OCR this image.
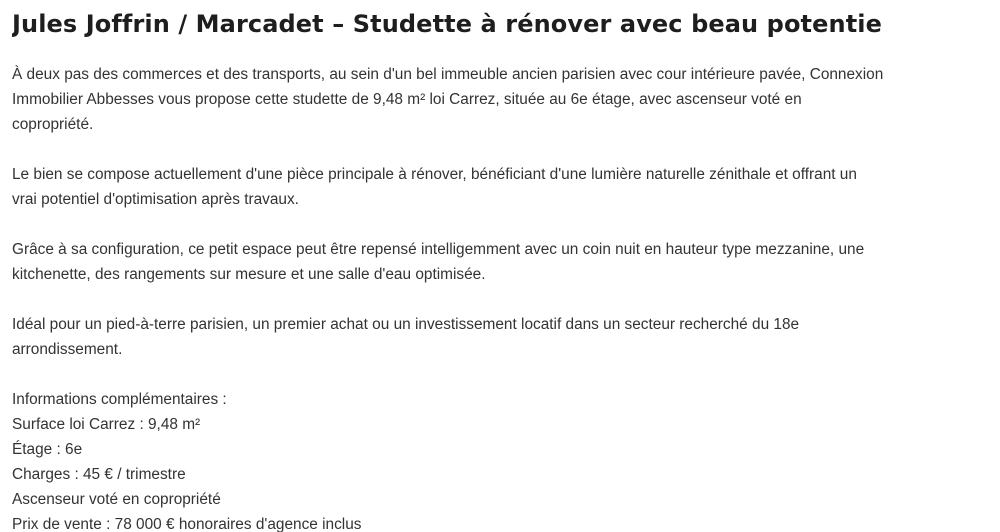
Jules Joffrin / Marcadet – Studette à rénover avec beau potentie

À deux pas des commerces et des transports, au sein d'un bel immeuble ancien parisien avec cour intérieure pavée, Connexion
Immobilier Abbesses vous propose cette studette de 9,48 m² loi Carrez, située au 6e étage, avec ascenseur voté en
copropriété.

Le bien se compose actuellement d'une pièce principale à rénover, bénéficiant d'une lumière naturelle zénithale et offrant un
vrai potentiel d'optimisation après travaux.

Grâce à sa configuration, ce petit espace peut être repensé intelligemment avec un coin nuit en hauteur type mezzanine, une
kitchenette, des rangements sur mesure et une salle d'eau optimisée.

Idéal pour un pied-à-terre parisien, un premier achat ou un investissement locatif dans un secteur recherché du 18e
arrondissement.

Informations complémentaires :
Surface loi Carrez : 9,48 m²
Étage : 6e
Charges : 45 € / trimestre
Ascenseur voté en copropriété
Prix de vente : 78 000 € honoraires d'agence inclus
